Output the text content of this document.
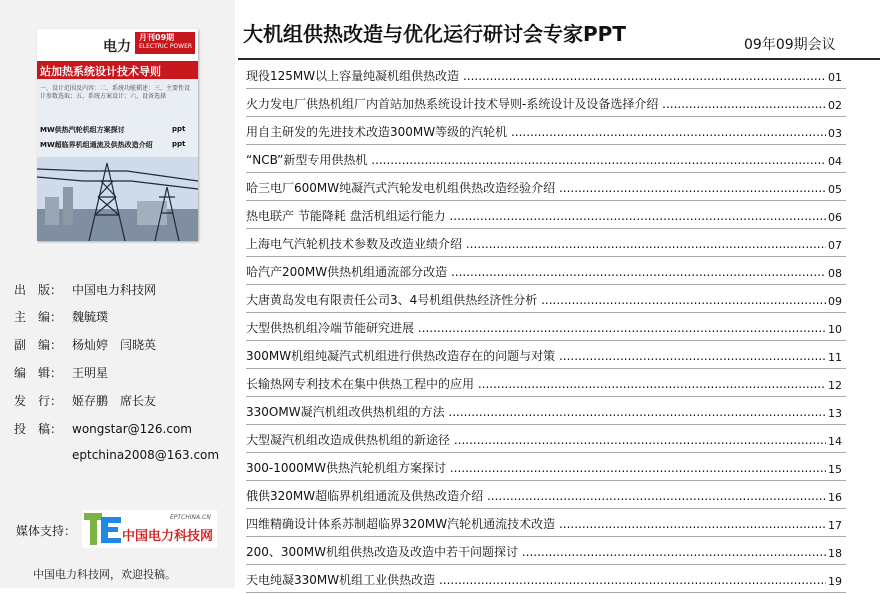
电力
月刊09期
ELECTRIC POWER
站加热系统设计技术导则
一、设计范围及内容：二、系统功能描述：三、主要性设计参数选取；五、系统方案设计；六、设备选择
MW供热汽轮机组方案探讨	ppt
MW超临界机组通流及供热改造介绍	ppt
出　版： 中国电力科技网
主　编： 魏毓璞
副　编： 杨灿婷　闫晓英
编　辑： 王明星
发　行： 姬存鹏　席长友
投　稿： wongstar@126.com
eptchina2008@163.com
媒体支持：
EPTCHINA.CN
中国电力科技网
中国电力科技网，欢迎投稿。
大机组供热改造与优化运行研讨会专家PPT	09年09期会议
现役125MW以上容量纯凝机组供热改造 .....	01
火力发电厂供热机组厂内首站加热系统设计技术导则-系统设计及设备选择介绍 .....	02
用自主研发的先进技术改造300MW等级的汽轮机 .....	03
“NCB”新型专用供热机 .....	04
哈三电厂600MW纯凝汽式汽轮发电机组供热改造经验介绍 .....	05
热电联产 节能降耗 盘活机组运行能力 .....	06
上海电气汽轮机技术参数及改造业绩介绍 .....	07
哈汽产200MW供热机组通流部分改造 .....	08
大唐黄岛发电有限责任公司3、4号机组供热经济性分析 .....	09
大型供热机组冷端节能研究进展 .....	10
300MW机组纯凝汽式机组进行供热改造存在的问题与对策 .....	11
长输热网专利技术在集中供热工程中的应用 .....	12
330OMW凝汽机组改供热机组的方法 .....	13
大型凝汽机组改造成供热机组的新途径 .....	14
300-1000MW供热汽轮机组方案探讨 .....	15
俄供320MW超临界机组通流及供热改造介绍 .....	16
四维精确设计体系苏制超临界320MW汽轮机通流技术改造 .....	17
200、300MW机组供热改造及改造中若干问题探讨 .....	18
天电纯凝330MW机组工业供热改造 .....	19
